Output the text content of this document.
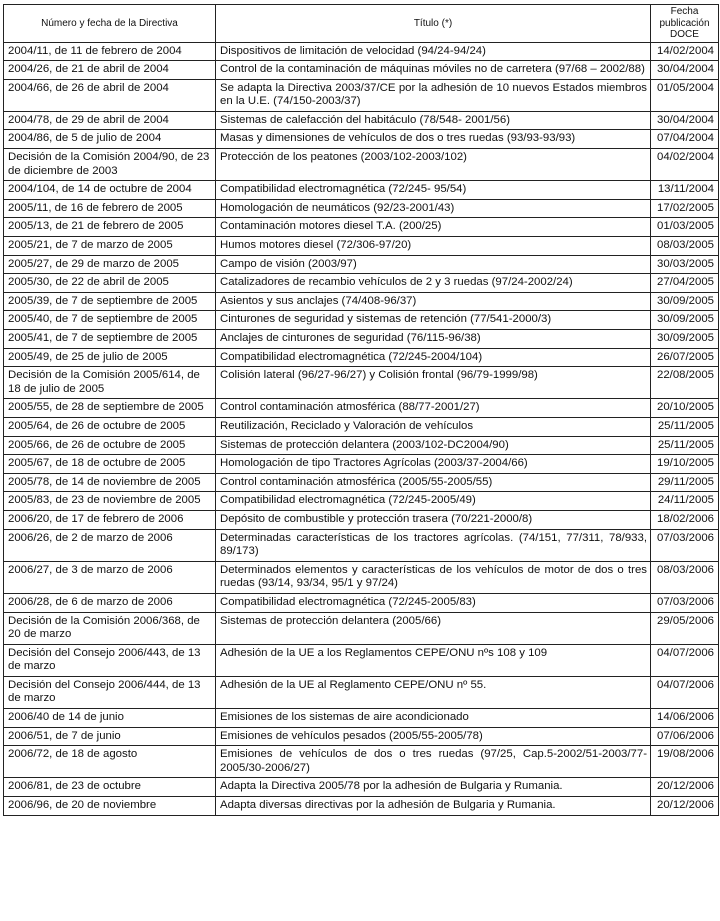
Número y fecha de la Directiva	Título (*)	Fecha publicación DOCE
2004/11, de 11 de febrero de 2004	Dispositivos de limitación de velocidad (94/24-94/24)	14/02/2004
2004/26, de 21 de abril de 2004	Control de la contaminación de máquinas móviles no de carretera (97/68 – 2002/88)	30/04/2004
2004/66, de 26 de abril de 2004	Se adapta la Directiva 2003/37/CE por la adhesión de 10 nuevos Estados miembros en la U.E. (74/150-2003/37)	01/05/2004
2004/78, de 29 de abril de 2004	Sistemas de calefacción del habitáculo (78/548- 2001/56)	30/04/2004
2004/86, de 5 de julio de 2004	Masas y dimensiones de vehículos de dos o tres ruedas (93/93-93/93)	07/04/2004
Decisión de la Comisión 2004/90, de 23 de diciembre de 2003	Protección de los peatones (2003/102-2003/102)	04/02/2004
2004/104, de 14 de octubre de 2004	Compatibilidad electromagnética (72/245- 95/54)	13/11/2004
2005/11, de 16 de febrero de 2005	Homologación de neumáticos (92/23-2001/43)	17/02/2005
2005/13, de 21 de febrero de 2005	Contaminación motores diesel T.A. (200/25)	01/03/2005
2005/21, de 7 de marzo de 2005	Humos motores diesel (72/306-97/20)	08/03/2005
2005/27, de 29 de marzo de 2005	Campo de visión (2003/97)	30/03/2005
2005/30, de 22 de abril de 2005	Catalizadores de recambio vehículos de 2 y 3 ruedas (97/24-2002/24)	27/04/2005
2005/39, de 7 de septiembre de 2005	Asientos y sus anclajes (74/408-96/37)	30/09/2005
2005/40, de 7 de septiembre de 2005	Cinturones de seguridad y sistemas de retención (77/541-2000/3)	30/09/2005
2005/41, de 7 de septiembre de 2005	Anclajes de cinturones de seguridad (76/115-96/38)	30/09/2005
2005/49, de 25 de julio de 2005	Compatibilidad electromagnética (72/245-2004/104)	26/07/2005
Decisión de la Comisión 2005/614, de 18 de julio de 2005	Colisión lateral (96/27-96/27) y Colisión frontal (96/79-1999/98)	22/08/2005
2005/55, de 28 de septiembre de 2005	Control contaminación atmosférica (88/77-2001/27)	20/10/2005
2005/64, de 26 de octubre de 2005	Reutilización, Reciclado y Valoración de vehículos	25/11/2005
2005/66, de 26 de octubre de 2005	Sistemas de protección delantera (2003/102-DC2004/90)	25/11/2005
2005/67, de 18 de octubre de 2005	Homologación de tipo Tractores Agrícolas (2003/37-2004/66)	19/10/2005
2005/78, de 14 de noviembre de 2005	Control contaminación atmosférica (2005/55-2005/55)	29/11/2005
2005/83, de 23 de noviembre de 2005	Compatibilidad electromagnética (72/245-2005/49)	24/11/2005
2006/20, de 17 de febrero de 2006	Depósito de combustible y protección trasera (70/221-2000/8)	18/02/2006
2006/26, de 2 de marzo de 2006	Determinadas características de los tractores agrícolas. (74/151, 77/311, 78/933, 89/173)	07/03/2006
2006/27, de 3 de marzo de 2006	Determinados elementos y características de los vehículos de motor de dos o tres ruedas (93/14, 93/34, 95/1 y 97/24)	08/03/2006
2006/28, de 6 de marzo de 2006	Compatibilidad electromagnética (72/245-2005/83)	07/03/2006
Decisión de la Comisión 2006/368, de 20 de marzo	Sistemas de protección delantera (2005/66)	29/05/2006
Decisión del Consejo 2006/443, de 13 de marzo	Adhesión de la UE a los Reglamentos CEPE/ONU nºs 108 y 109	04/07/2006
Decisión del Consejo 2006/444, de 13 de marzo	Adhesión de la UE al Reglamento CEPE/ONU nº 55.	04/07/2006
2006/40 de 14 de junio	Emisiones de los sistemas de aire acondicionado	14/06/2006
2006/51, de 7 de junio	Emisiones de vehículos pesados (2005/55-2005/78)	07/06/2006
2006/72, de 18 de agosto	Emisiones de vehículos de dos o tres ruedas (97/25, Cap.5-2002/51-2003/77-2005/30-2006/27)	19/08/2006
2006/81, de 23 de octubre	Adapta la Directiva 2005/78 por la adhesión de Bulgaria y Rumania.	20/12/2006
2006/96, de 20 de noviembre	Adapta diversas directivas por la adhesión de Bulgaria y Rumania.	20/12/2006
